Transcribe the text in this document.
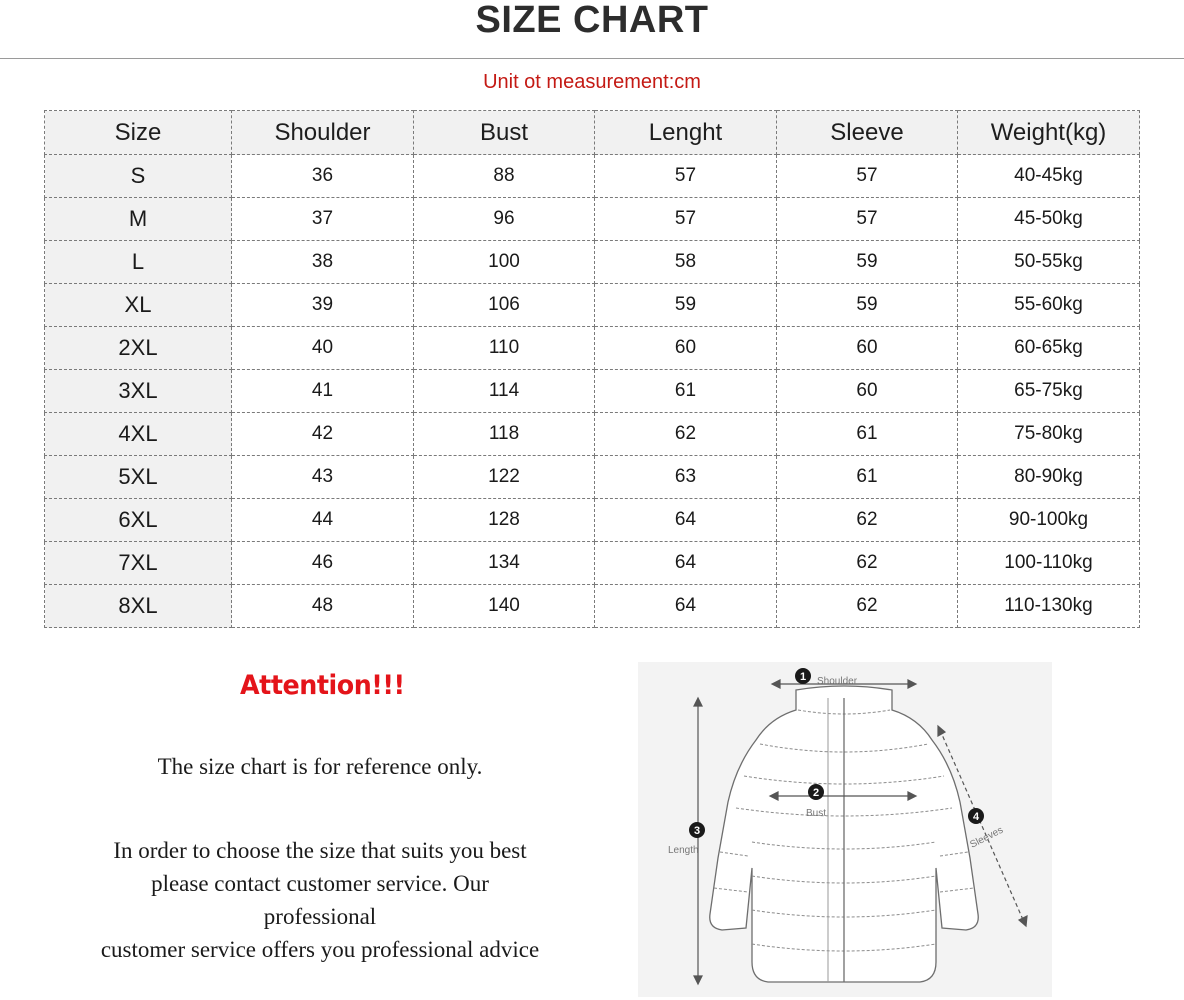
SIZE CHART
Unit ot measurement:cm
Size	Shoulder	Bust	Lenght	Sleeve	Weight(kg)
S	36	88	57	57	40-45kg
M	37	96	57	57	45-50kg
L	38	100	58	59	50-55kg
XL	39	106	59	59	55-60kg
2XL	40	110	60	60	60-65kg
3XL	41	114	61	60	65-75kg
4XL	42	118	62	61	75-80kg
5XL	43	122	63	61	80-90kg
6XL	44	128	64	62	90-100kg
7XL	46	134	64	62	100-110kg
8XL	48	140	64	62	110-130kg
Attention!!!
The size chart is for reference only.
In order to choose the size that suits you best
please contact customer service. Our
professional
customer service offers you professional advice
1 Shoulder
2
Bust
3
Length
4
Sleeves
